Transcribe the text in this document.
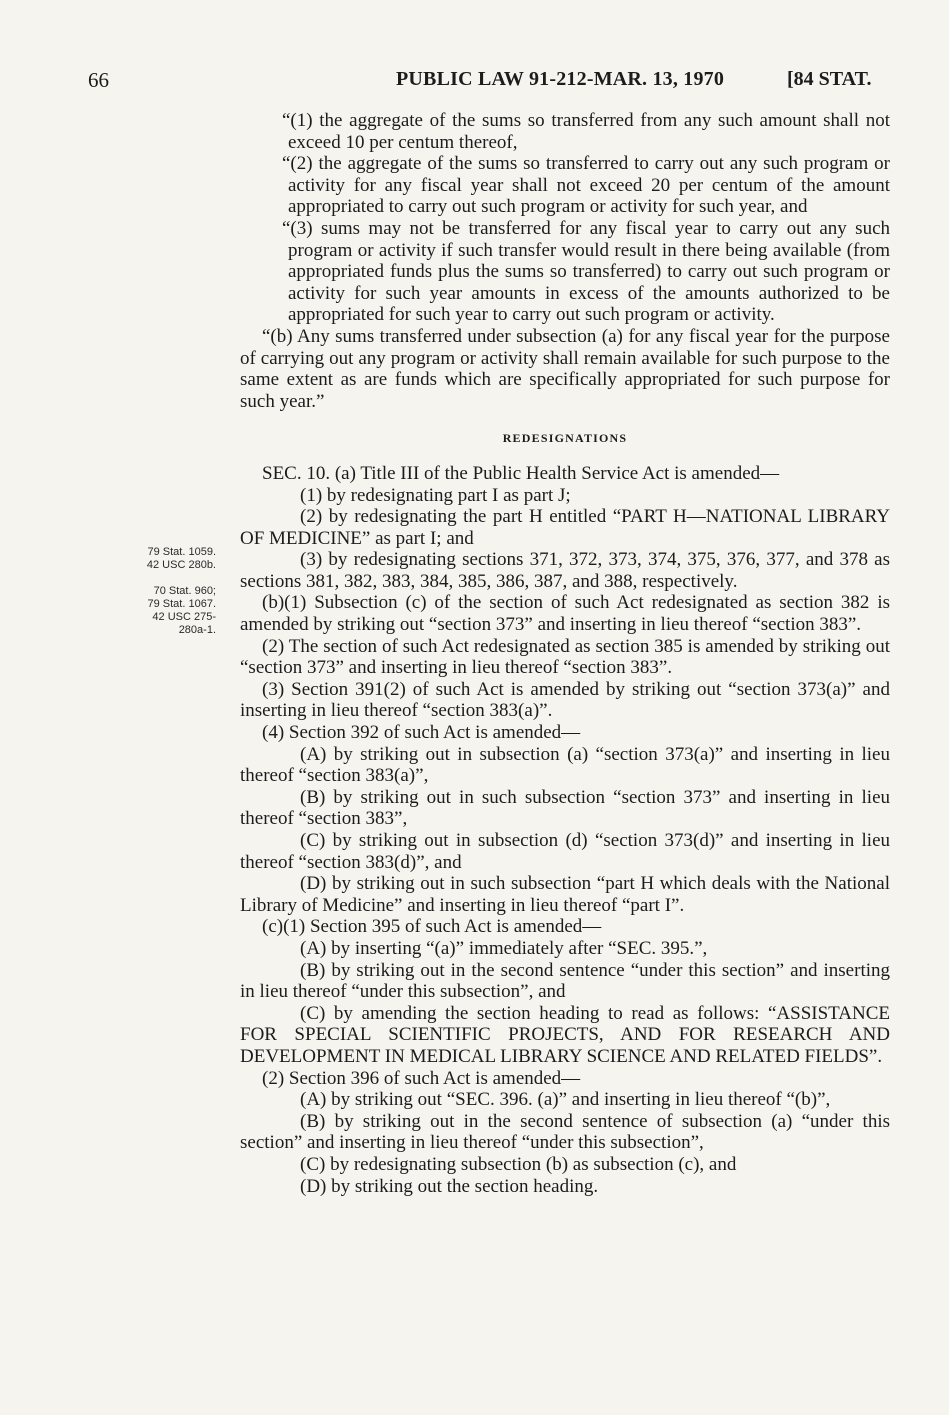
66	PUBLIC LAW 91-212-MAR. 13, 1970	[84 STAT.
79 Stat. 1059.
42 USC 280b.
70 Stat. 960;
79 Stat. 1067.
42 USC 275-
280a-1.

“(1) the aggregate of the sums so transferred from any such amount shall not exceed 10 per centum thereof,

“(2) the aggregate of the sums so transferred to carry out any such program or activity for any fiscal year shall not exceed 20 per centum of the amount appropriated to carry out such program or activity for such year, and

“(3) sums may not be transferred for any fiscal year to carry out any such program or activity if such transfer would result in there being available (from appropriated funds plus the sums so transferred) to carry out such program or activity for such year amounts in excess of the amounts authorized to be appropriated for such year to carry out such program or activity.

“(b) Any sums transferred under subsection (a) for any fiscal year for the purpose of carrying out any program or activity shall remain available for such purpose to the same extent as are funds which are specifically appropriated for such purpose for such year.”

REDESIGNATIONS

SEC. 10. (a) Title III of the Public Health Service Act is amended—

(1) by redesignating part I as part J;

(2) by redesignating the part H entitled “PART H—NATIONAL LIBRARY OF MEDICINE” as part I; and

(3) by redesignating sections 371, 372, 373, 374, 375, 376, 377, and 378 as sections 381, 382, 383, 384, 385, 386, 387, and 388, respectively.

(b)(1) Subsection (c) of the section of such Act redesignated as section 382 is amended by striking out “section 373” and inserting in lieu thereof “section 383”.

(2) The section of such Act redesignated as section 385 is amended by striking out “section 373” and inserting in lieu thereof “section 383”.

(3) Section 391(2) of such Act is amended by striking out “section 373(a)” and inserting in lieu thereof “section 383(a)”.

(4) Section 392 of such Act is amended—

(A) by striking out in subsection (a) “section 373(a)” and inserting in lieu thereof “section 383(a)”,

(B) by striking out in such subsection “section 373” and inserting in lieu thereof “section 383”,

(C) by striking out in subsection (d) “section 373(d)” and inserting in lieu thereof “section 383(d)”, and

(D) by striking out in such subsection “part H which deals with the National Library of Medicine” and inserting in lieu thereof “part I”.

(c)(1) Section 395 of such Act is amended—

(A) by inserting “(a)” immediately after “SEC. 395.”,

(B) by striking out in the second sentence “under this section” and inserting in lieu thereof “under this subsection”, and

(C) by amending the section heading to read as follows: “ASSISTANCE FOR SPECIAL SCIENTIFIC PROJECTS, AND FOR RESEARCH AND DEVELOPMENT IN MEDICAL LIBRARY SCIENCE AND RELATED FIELDS”.

(2) Section 396 of such Act is amended—

(A) by striking out “SEC. 396. (a)” and inserting in lieu thereof “(b)”,

(B) by striking out in the second sentence of subsection (a) “under this section” and inserting in lieu thereof “under this subsection”,

(C) by redesignating subsection (b) as subsection (c), and

(D) by striking out the section heading.
